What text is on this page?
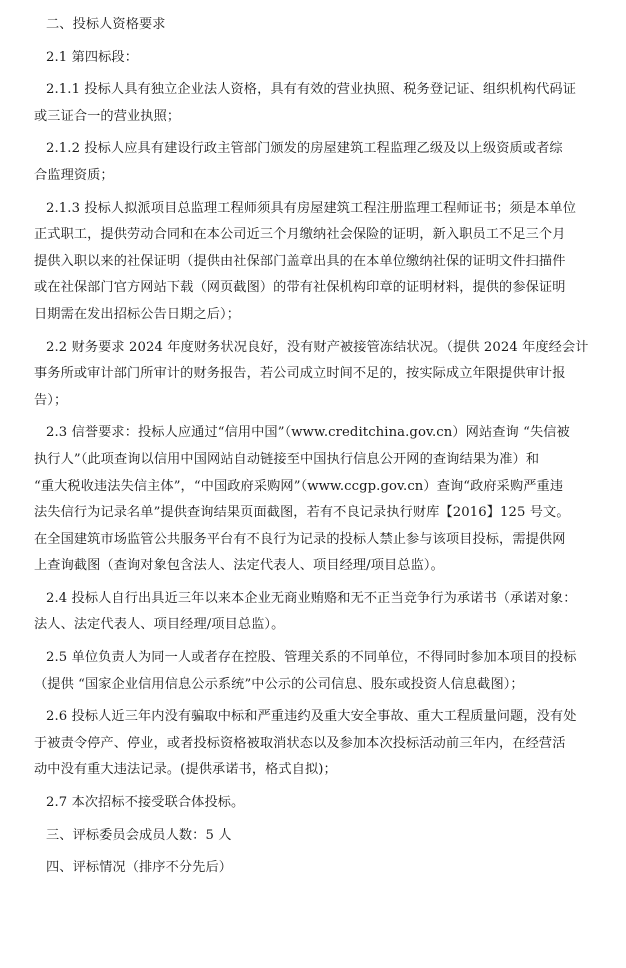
二、投标人资格要求
2.1 第四标段：
2.1.1 投标人具有独立企业法人资格，具有有效的营业执照、税务登记证、组织机构代码证
或三证合一的营业执照；
2.1.2 投标人应具有建设行政主管部门颁发的房屋建筑工程监理乙级及以上级资质或者综
合监理资质；
2.1.3 投标人拟派项目总监理工程师须具有房屋建筑工程注册监理工程师证书；须是本单位
正式职工，提供劳动合同和在本公司近三个月缴纳社会保险的证明，新入职员工不足三个月
提供入职以来的社保证明（提供由社保部门盖章出具的在本单位缴纳社保的证明文件扫描件
或在社保部门官方网站下载（网页截图）的带有社保机构印章的证明材料，提供的参保证明
日期需在发出招标公告日期之后）；
2.2 财务要求 2024 年度财务状况良好，没有财产被接管冻结状况。（提供 2024 年度经会计
事务所或审计部门所审计的财务报告，若公司成立时间不足的，按实际成立年限提供审计报
告）；
2.3 信誉要求：投标人应通过“信用中国”（www.creditchina.gov.cn）网站查询 “失信被
执行人”（此项查询以信用中国网站自动链接至中国执行信息公开网的查询结果为准）和
“重大税收违法失信主体”，“中国政府采购网”（www.ccgp.gov.cn）查询“政府采购严重违
法失信行为记录名单”提供查询结果页面截图，若有不良记录执行财库【2016】125 号文。
在全国建筑市场监管公共服务平台有不良行为记录的投标人禁止参与该项目投标，需提供网
上查询截图（查询对象包含法人、法定代表人、项目经理/项目总监）。
2.4 投标人自行出具近三年以来本企业无商业贿赂和无不正当竞争行为承诺书（承诺对象：
法人、法定代表人、项目经理/项目总监）。
2.5 单位负责人为同一人或者存在控股、管理关系的不同单位，不得同时参加本项目的投标
（提供 “国家企业信用信息公示系统”中公示的公司信息、股东或投资人信息截图）；
2.6 投标人近三年内没有骗取中标和严重违约及重大安全事故、重大工程质量问题，没有处
于被责令停产、停业，或者投标资格被取消状态以及参加本次投标活动前三年内，在经营活
动中没有重大违法记录。(提供承诺书，格式自拟)；
2.7 本次招标不接受联合体投标。
三、评标委员会成员人数：5 人
四、评标情况（排序不分先后）
